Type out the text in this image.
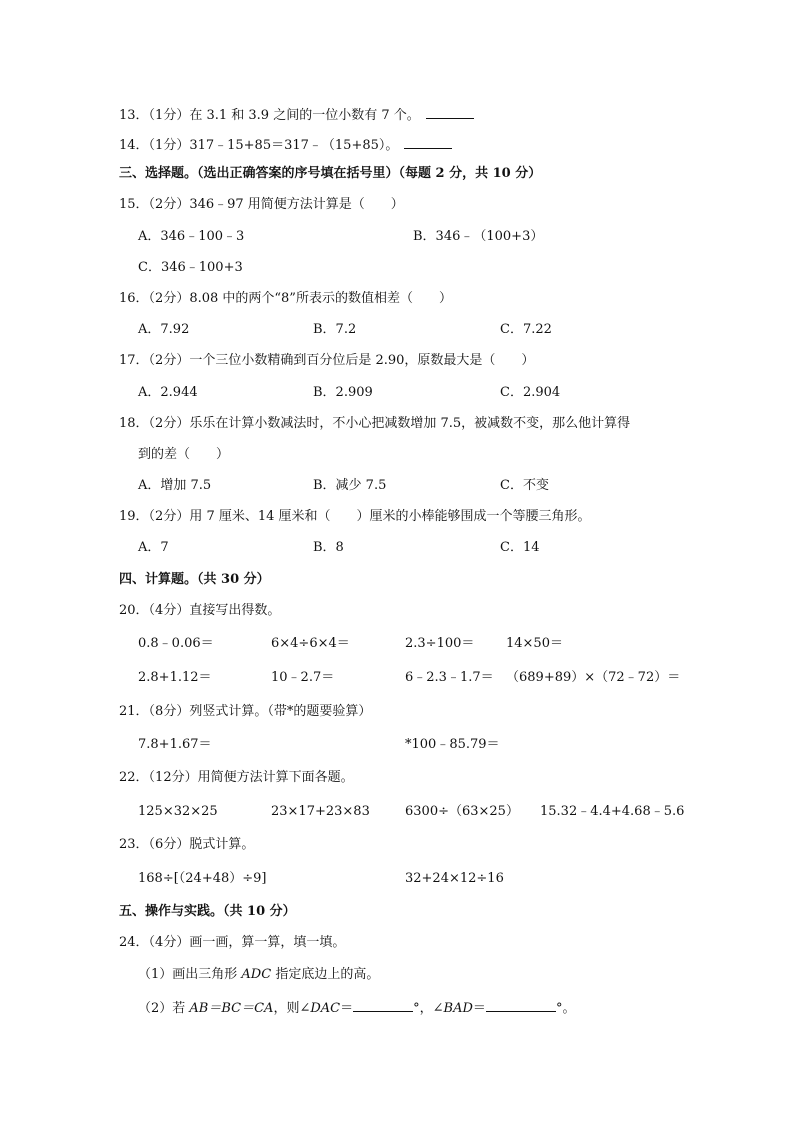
13．（1分）在 3.1 和 3.9 之间的一位小数有 7 个。
14．（1分）317﹣15+85＝317﹣（15+85）。
三、选择题。（选出正确答案的序号填在括号里）（每题 2 分，共 10 分）
15．（2分）346﹣97 用简便方法计算是（　　）
A．346﹣100﹣3	B．346﹣（100+3）
C．346﹣100+3
16．（2分）8.08 中的两个“8”所表示的数值相差（　　）
A．7.92	B．7.2	C．7.22
17．（2分）一个三位小数精确到百分位后是 2.90，原数最大是（　　）
A．2.944	B．2.909	C．2.904
18．（2分）乐乐在计算小数减法时，不小心把减数增加 7.5，被减数不变，那么他计算得
到的差（　　）
A．增加 7.5	B．减少 7.5	C．不变
19．（2分）用 7 厘米、14 厘米和（　　）厘米的小棒能够围成一个等腰三角形。
A．7	B．8	C．14
四、计算题。（共 30 分）
20．（4分）直接写出得数。
0.8﹣0.06＝	6×4÷6×4＝	2.3÷100＝ 14×50＝
2.8+1.12＝	10﹣2.7＝	6﹣2.3﹣1.7＝ （689+89）×（72﹣72）＝
21．（8分）列竖式计算。（带*的题要验算）
7.8+1.67＝	*100﹣85.79＝
22．（12分）用简便方法计算下面各题。
125×32×25	23×17+23×83	6300÷（63×25） 15.32﹣4.4+4.68﹣5.6
23．（6分）脱式计算。
168÷[（24+48）÷9]	32+24×12÷16
五、操作与实践。（共 10 分）
24．（4分）画一画，算一算，填一填。
（1）画出三角形 ADC 指定底边上的高。
（2）若 AB＝BC＝CA，则∠DAC＝	°，∠BAD＝	°。
